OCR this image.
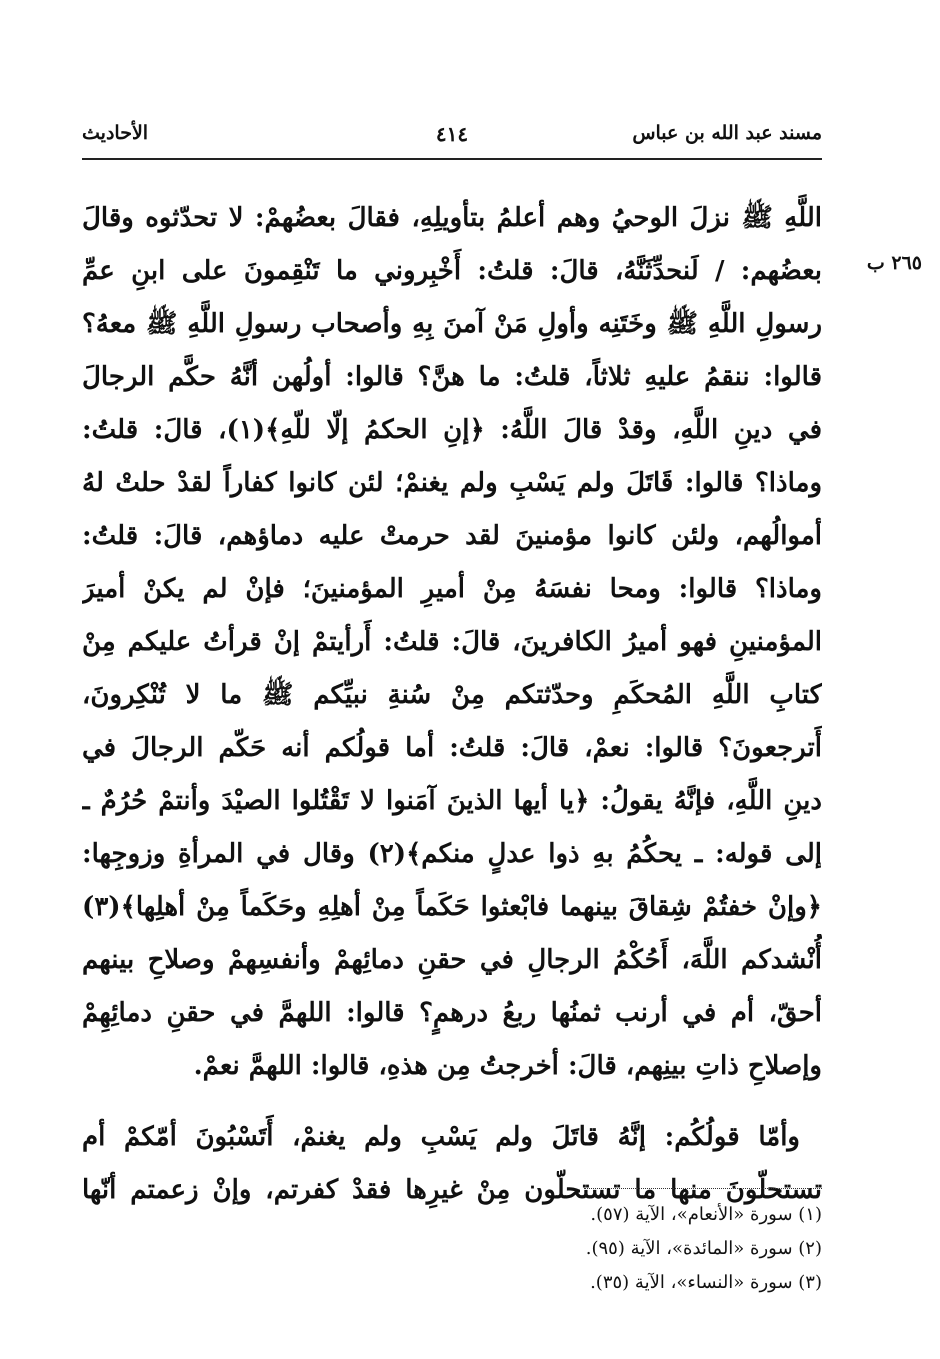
مسند عبد الله بن عباس
٤١٤
الأحاديث
٢٦٥ ب
اللَّهِ ﷺ نزلَ الوحيُ وهم أعلمُ بتأويلِهِ، فقالَ بعضُهمْ: لا تحدّثوه وقالَ
بعضُهم: / لَنحدِّثَنَّهُ، قالَ: قلتُ: أَخْبِروني ما تَنْقِمونَ على ابنِ عمِّ
رسولِ اللَّهِ ﷺ وخَتَنِه وأولِ مَنْ آمنَ بِهِ وأصحاب رسولِ اللَّهِ ﷺ معهُ؟
قالوا: ننقمُ عليهِ ثلاثاً، قلتُ: ما هنَّ؟ قالوا: أولُهن أنَّهُ حكَّم الرجالَ
في دينِ اللَّهِ، وقدْ قالَ اللَّهُ: ﴿إنِ الحكمُ إلّا للّهِ﴾(١)، قالَ: قلتُ:
وماذا؟ قالوا: قَاتَلَ ولم يَسْبِ ولم يغنمْ؛ لئن كانوا كفاراً لقدْ حلتْ لهُ
أموالُهم، ولئن كانوا مؤمنينَ لقد حرمتْ عليه دماؤهم، قالَ: قلتُ:
وماذا؟ قالوا: ومحا نفسَهُ مِنْ أميرِ المؤمنينَ؛ فإنْ لم يكنْ أميرَ
المؤمنينِ فهو أميرُ الكافرينَ، قالَ: قلتُ: أَرأيتمْ إنْ قرأتُ عليكم مِنْ
كتابِ اللَّهِ المُحكَمِ وحدّثتكم مِنْ سُنةِ نبيِّكم ﷺ ما لا تُنْكِرونَ،
أَترجعونَ؟ قالوا: نعمْ، قالَ: قلتُ: أما قولُكم أنه حَكّم الرجالَ في
دينِ اللَّهِ، فإنَّهُ يقولُ: ﴿يا أيها الذينَ آمَنوا لا تَقْتُلوا الصيْدَ وأنتمْ حُرُمٌ ـ
إلى قوله: ـ يحكُمُ بهِ ذوا عدلٍ منكم﴾(٢) وقال في المرأةِ وزوجِها:
﴿وإنْ خفتُمْ شِقاقَ بينهما فابْعثوا حَكَماً مِنْ أهلِهِ وحَكَماً مِنْ أهلِها﴾(٣)
أُنْشدكم اللَّهَ، أَحُكْمُ الرجالِ في حقنِ دمائِهمْ وأنفسِهمْ وصلاحِ بينهم
أحقّ، أم في أرنب ثمنُها ربعُ درهمٍ؟ قالوا: اللهمَّ في حقنِ دمائِهِمْ
وإصلاحِ ذاتِ بينِهم، قالَ: أخرجتُ مِن هذهِ، قالوا: اللهمَّ نعمْ.
وأمّا قولُكُم: إنَّهُ قاتَلَ ولم يَسْبِ ولم يغنمْ، أَتَسْبُونَ أمّكمْ أم
تستحلّونَ منها ما تستحلّون مِنْ غيرِها فقدْ كفرتم، وإنْ زعمتم أنّها
(١) سورة «الأنعام»، الآية (٥٧).
(٢) سورة «المائدة»، الآية (٩٥).
(٣) سورة «النساء»، الآية (٣٥).
